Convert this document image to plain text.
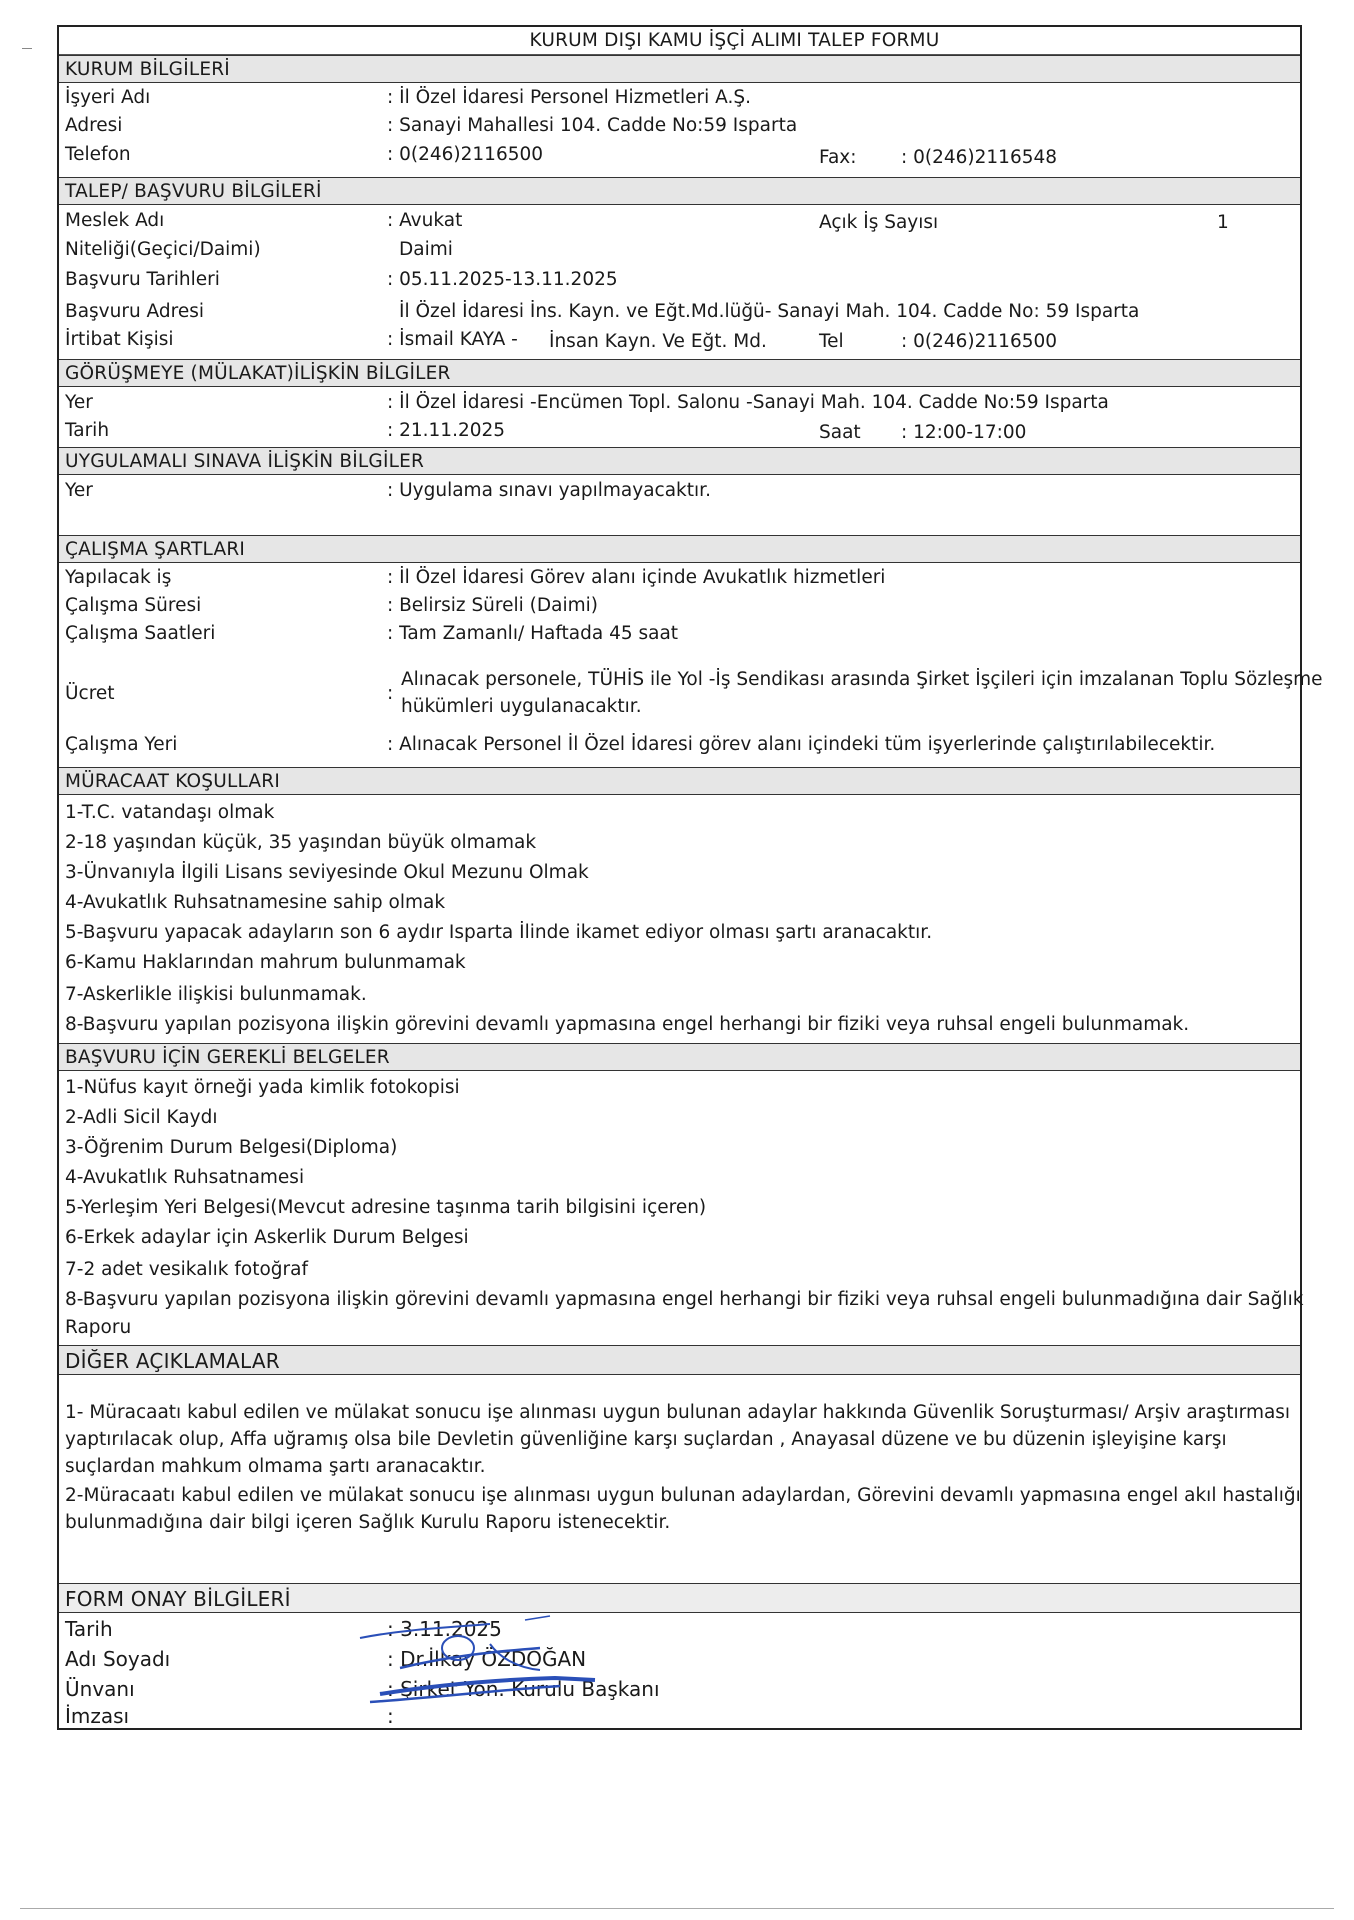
KURUM DIŞI KAMU İŞÇİ ALIMI TALEP FORMU
KURUM BİLGİLERİ
İşyeri Adı	: İl Özel İdaresi Personel Hizmetleri A.Ş.
Adresi	: Sanayi Mahallesi 104. Cadde No:59 Isparta
Telefon	: 0(246)2116500	Fax: : 0(246)2116548
TALEP/ BAŞVURU BİLGİLERİ
Meslek Adı	: Avukat	Açık İş Sayısı	1
Niteliği(Geçici/Daimi)	Daimi
Başvuru Tarihleri	: 05.11.2025-13.11.2025
Başvuru Adresi	İl Özel İdaresi İns. Kayn. ve Eğt.Md.lüğü- Sanayi Mah. 104. Cadde No: 59 Isparta
İrtibat Kişisi	: İsmail KAYA - İnsan Kayn. Ve Eğt. Md.	Tel	: 0(246)2116500
GÖRÜŞMEYE (MÜLAKAT)İLİŞKİN BİLGİLER
Yer	: İl Özel İdaresi -Encümen Topl. Salonu -Sanayi Mah. 104. Cadde No:59 Isparta
Tarih	: 21.11.2025	Saat : 12:00-17:00
UYGULAMALI SINAVA İLİŞKİN BİLGİLER
Yer	: Uygulama sınavı yapılmayacaktır.
ÇALIŞMA ŞARTLARI
Yapılacak iş	: İl Özel İdaresi Görev alanı içinde Avukatlık hizmetleri
Çalışma Süresi	: Belirsiz Süreli (Daimi)
Çalışma Saatleri	: Tam Zamanlı/ Haftada 45 saat
Ücret	:
Alınacak personele, TÜHİS ile Yol -İş Sendikası arasında Şirket İşçileri için imzalanan Toplu Sözleşme
hükümleri uygulanacaktır.
Çalışma Yeri	: Alınacak Personel İl Özel İdaresi görev alanı içindeki tüm işyerlerinde çalıştırılabilecektir.
MÜRACAAT KOŞULLARI
1-T.C. vatandaşı olmak
2-18 yaşından küçük, 35 yaşından büyük olmamak
3-Ünvanıyla İlgili Lisans seviyesinde Okul Mezunu Olmak
4-Avukatlık Ruhsatnamesine sahip olmak
5-Başvuru yapacak adayların son 6 aydır Isparta İlinde ikamet ediyor olması şartı aranacaktır.
6-Kamu Haklarından mahrum bulunmamak
7-Askerlikle ilişkisi bulunmamak.
8-Başvuru yapılan pozisyona ilişkin görevini devamlı yapmasına engel herhangi bir fiziki veya ruhsal engeli bulunmamak.
BAŞVURU İÇİN GEREKLİ BELGELER
1-Nüfus kayıt örneği yada kimlik fotokopisi
2-Adli Sicil Kaydı
3-Öğrenim Durum Belgesi(Diploma)
4-Avukatlık Ruhsatnamesi
5-Yerleşim Yeri Belgesi(Mevcut adresine taşınma tarih bilgisini içeren)
6-Erkek adaylar için Askerlik Durum Belgesi
7-2 adet vesikalık fotoğraf
8-Başvuru yapılan pozisyona ilişkin görevini devamlı yapmasına engel herhangi bir fiziki veya ruhsal engeli bulunmadığına dair Sağlık
Raporu
DİĞER AÇIKLAMALAR
1- Müracaatı kabul edilen ve mülakat sonucu işe alınması uygun bulunan adaylar hakkında Güvenlik Soruşturması/ Arşiv araştırması
yaptırılacak olup, Affa uğramış olsa bile Devletin güvenliğine karşı suçlardan , Anayasal düzene ve bu düzenin işleyişine karşı
suçlardan mahkum olmama şartı aranacaktır.
2-Müracaatı kabul edilen ve mülakat sonucu işe alınması uygun bulunan adaylardan, Görevini devamlı yapmasına engel akıl hastalığı
bulunmadığına dair bilgi içeren Sağlık Kurulu Raporu istenecektir.
FORM ONAY BİLGİLERİ
Tarih	: 3.11.2025
Adı Soyadı	: Dr.İlkay ÖZDOĞAN
Ünvanı	: Şirket Yön. Kurulu Başkanı
İmzası	:
